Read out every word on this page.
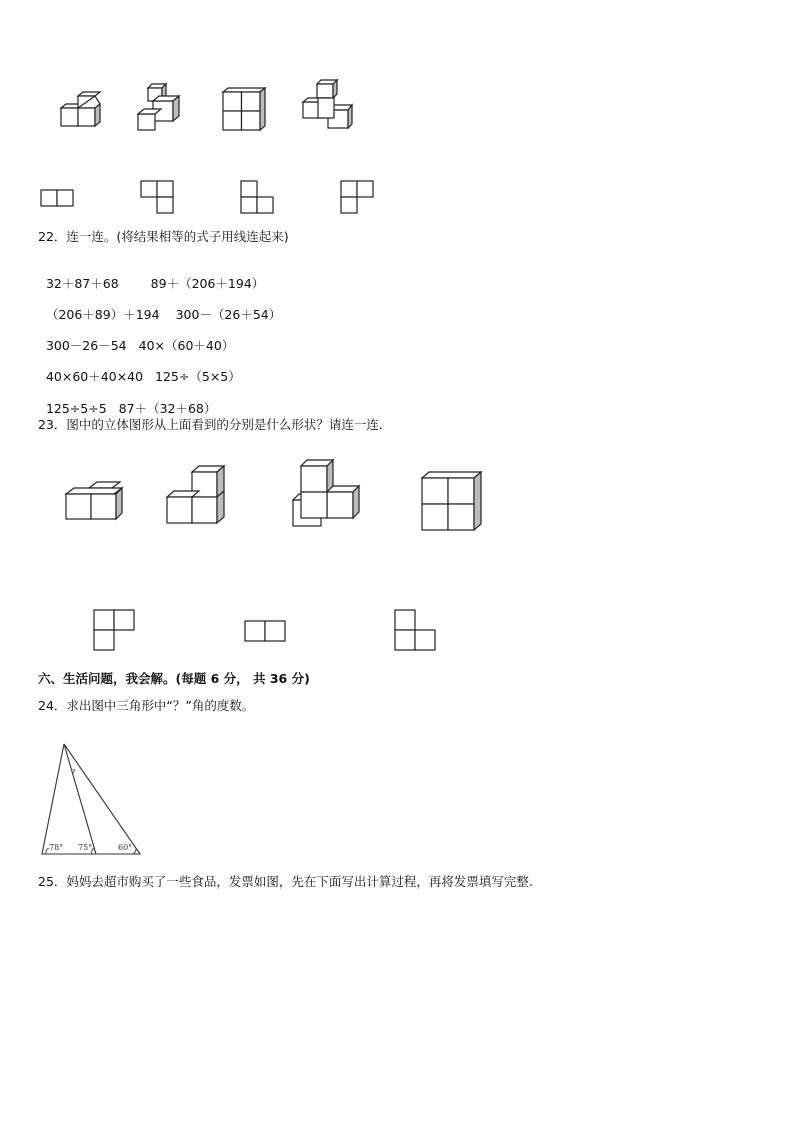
22．连一连。(将结果相等的式子用线连起来)

32＋87＋68	89＋（206＋194）

（206＋89）＋194 300－（26＋54）

300－26－54 40×（60＋40）

40×60＋40×40 125÷（5×5）

125÷5÷5 87＋（32＋68）

23．图中的立体图形从上面看到的分别是什么形状？请连一连．
六、生活问题，我会解。(每题 6 分， 共 36 分)
24．求出图中三角形中“？”角的度数。
?
78° 75°	60°
25．妈妈去超市购买了一些食品，发票如图，先在下面写出计算过程，再将发票填写完整.
